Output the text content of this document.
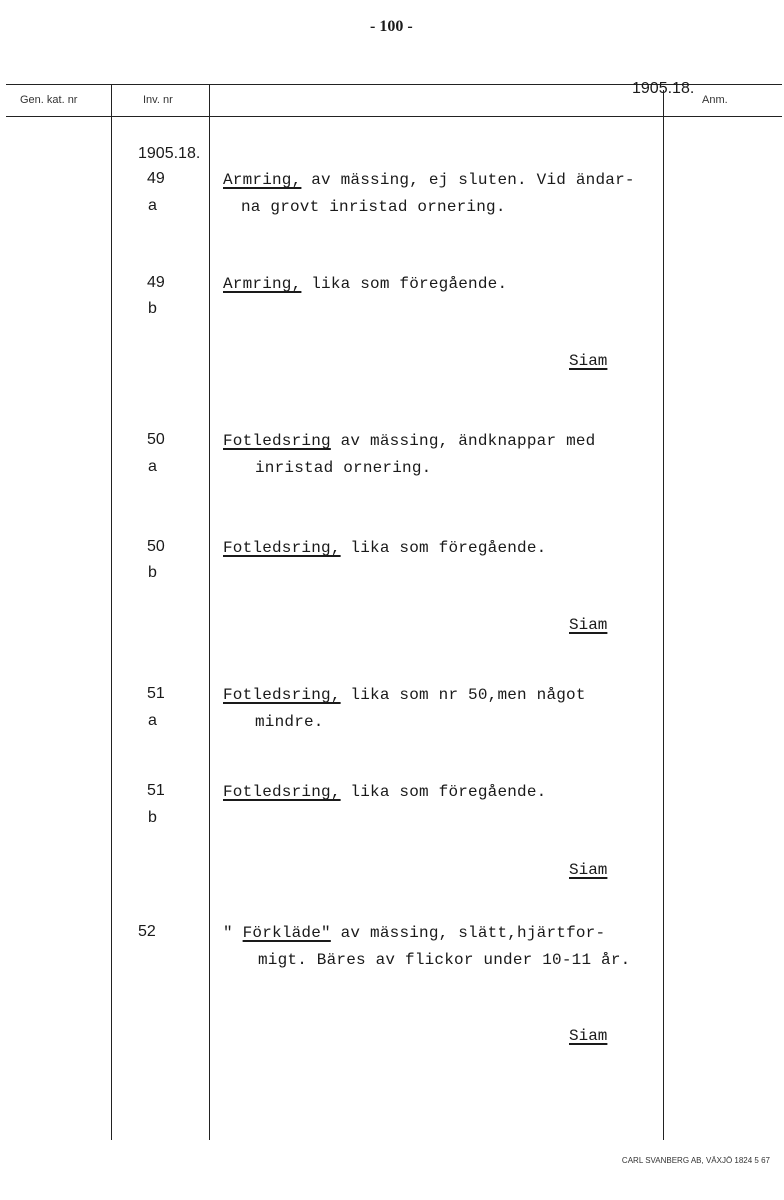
- 100 -
Gen. kat. nr	Inv. nr
1905.18.
Anm.
1905.18.
49
a
Armring, av mässing, ej sluten. Vid ändar-
na grovt inristad ornering.
49
b
Armring, lika som föregående.
Siam
50
a
Fotledsring av mässing, ändknappar med
inristad ornering.
50
b
Fotledsring, lika som föregående.
Siam
51
a
Fotledsring, lika som nr 50,men något
mindre.
51
b
Fotledsring, lika som föregående.
Siam
52	" Förkläde" av mässing, slätt,hjärtfor-
migt. Bäres av flickor under 10-11 år.
Siam
CARL SVANBERG AB, VÄXJÖ 1824 5 67
